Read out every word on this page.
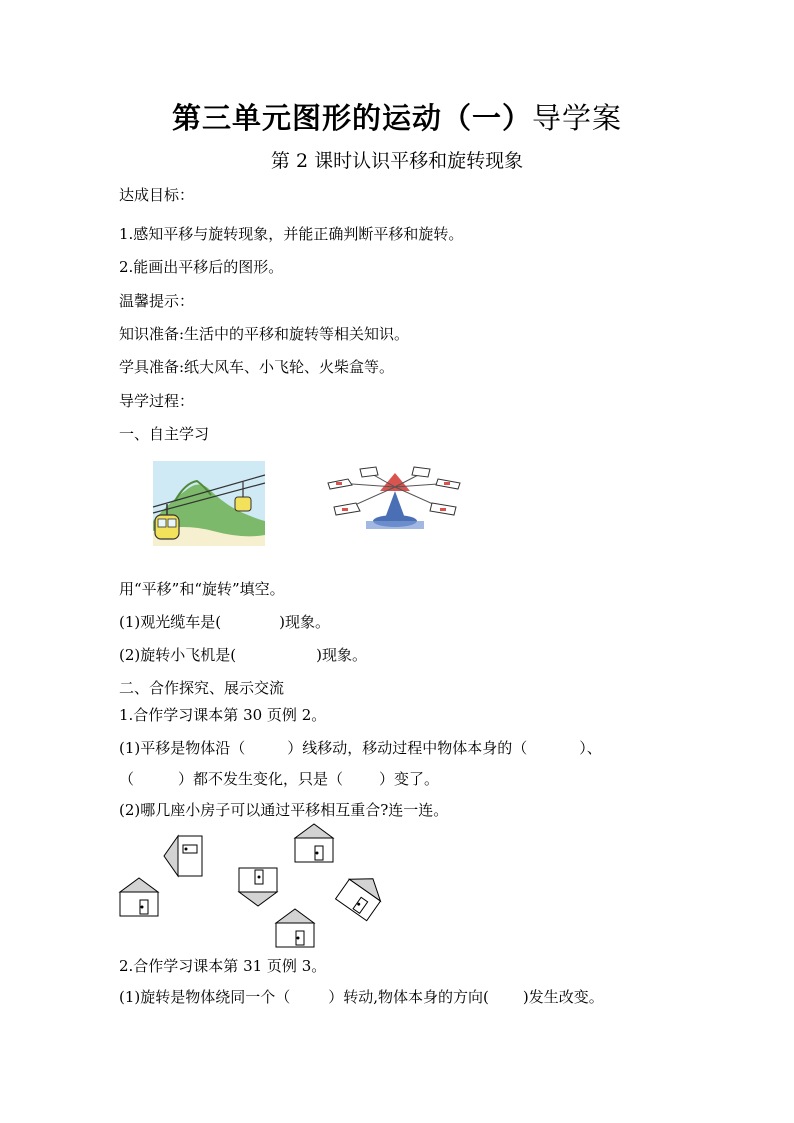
第三单元图形的运动（一）导学案
第 2 课时认识平移和旋转现象
达成目标：
1.感知平移与旋转现象，并能正确判断平移和旋转。
2.能画出平移后的图形。
温馨提示：
知识准备:生活中的平移和旋转等相关知识。
学具准备:纸大风车、小飞轮、火柴盒等。
导学过程：
一、自主学习
用“平移”和“旋转”填空。
(1)观光缆车是(	)现象。
(2)旋转小飞机是(	)现象。
二、合作探究、展示交流
1.合作学习课本第 30 页例 2。
(1)平移是物体沿（	）线移动，移动过程中物体本身的（	）、
（	）都不发生变化，只是（ ）变了。
(2)哪几座小房子可以通过平移相互重合?连一连。
2.合作学习课本第 31 页例 3。
(1)旋转是物体绕同一个（	）转动,物体本身的方向( )发生改变。
